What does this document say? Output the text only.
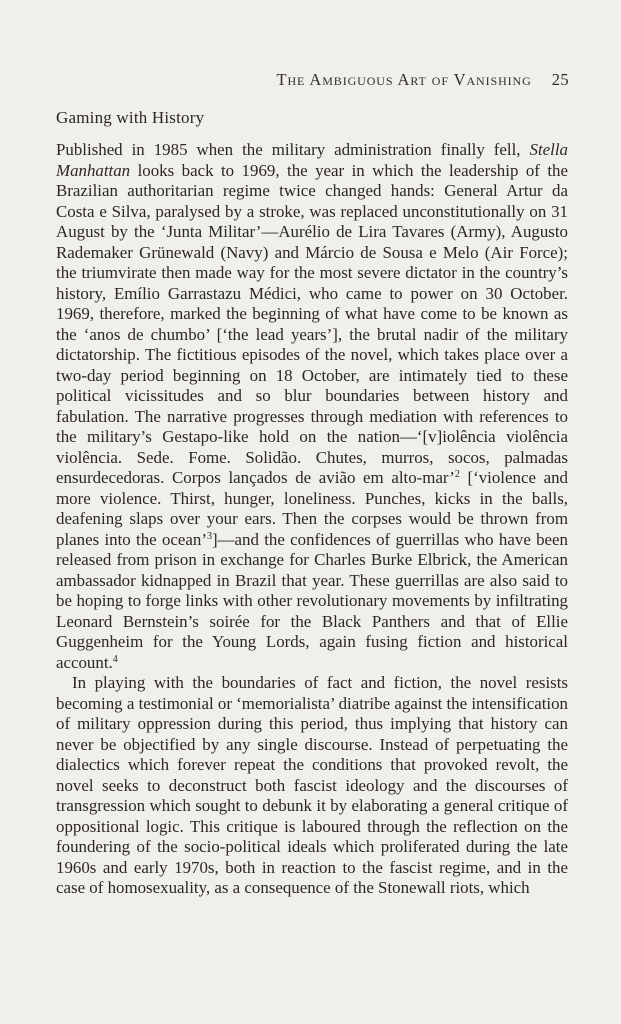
The Ambiguous Art of Vanishing 25
Gaming with History

Published in 1985 when the military administration finally fell, Stella Manhattan looks back to 1969, the year in which the leadership of the Brazilian authoritarian regime twice changed hands: General Artur da Costa e Silva, paralysed by a stroke, was replaced unconstitutionally on 31 August by the ‘Junta Militar’—Aurélio de Lira Tavares (Army), Augusto Rademaker Grünewald (Navy) and Márcio de Sousa e Melo (Air Force); the triumvirate then made way for the most severe dictator in the country’s history, Emílio Garrastazu Médici, who came to power on 30 October. 1969, therefore, marked the beginning of what have come to be known as the ‘anos de chumbo’ [‘the lead years’], the brutal nadir of the military dictatorship. The fictitious episodes of the novel, which takes place over a two-day period beginning on 18 October, are intimately tied to these political vicissitudes and so blur boundaries between history and fabulation. The narrative progresses through mediation with references to the military’s Gestapo-like hold on the nation—‘[v]iolência violência violência. Sede. Fome. Solidão. Chutes, murros, socos, palmadas ensurdecedoras. Corpos lançados de avião em alto-mar’$^2$ [‘violence and more violence. Thirst, hunger, loneliness. Punches, kicks in the balls, deafening slaps over your ears. Then the corpses would be thrown from planes into the ocean’$^3$]—and the confidences of guerrillas who have been released from prison in exchange for Charles Burke Elbrick, the American ambassador kidnapped in Brazil that year. These guerrillas are also said to be hoping to forge links with other revolutionary movements by infiltrating Leonard Bernstein’s soirée for the Black Panthers and that of Ellie Guggenheim for the Young Lords, again fusing fiction and historical account.$^4$

In playing with the boundaries of fact and fiction, the novel resists becoming a testimonial or ‘memorialista’ diatribe against the intensification of military oppression during this period, thus implying that history can never be objectified by any single discourse. Instead of perpetuating the dialectics which forever repeat the conditions that provoked revolt, the novel seeks to deconstruct both fascist ideology and the discourses of transgression which sought to debunk it by elaborating a general critique of oppositional logic. This critique is laboured through the reflection on the foundering of the socio-political ideals which proliferated during the late 1960s and early 1970s, both in reaction to the fascist regime, and in the case of homosexuality, as a consequence of the Stonewall riots, which
